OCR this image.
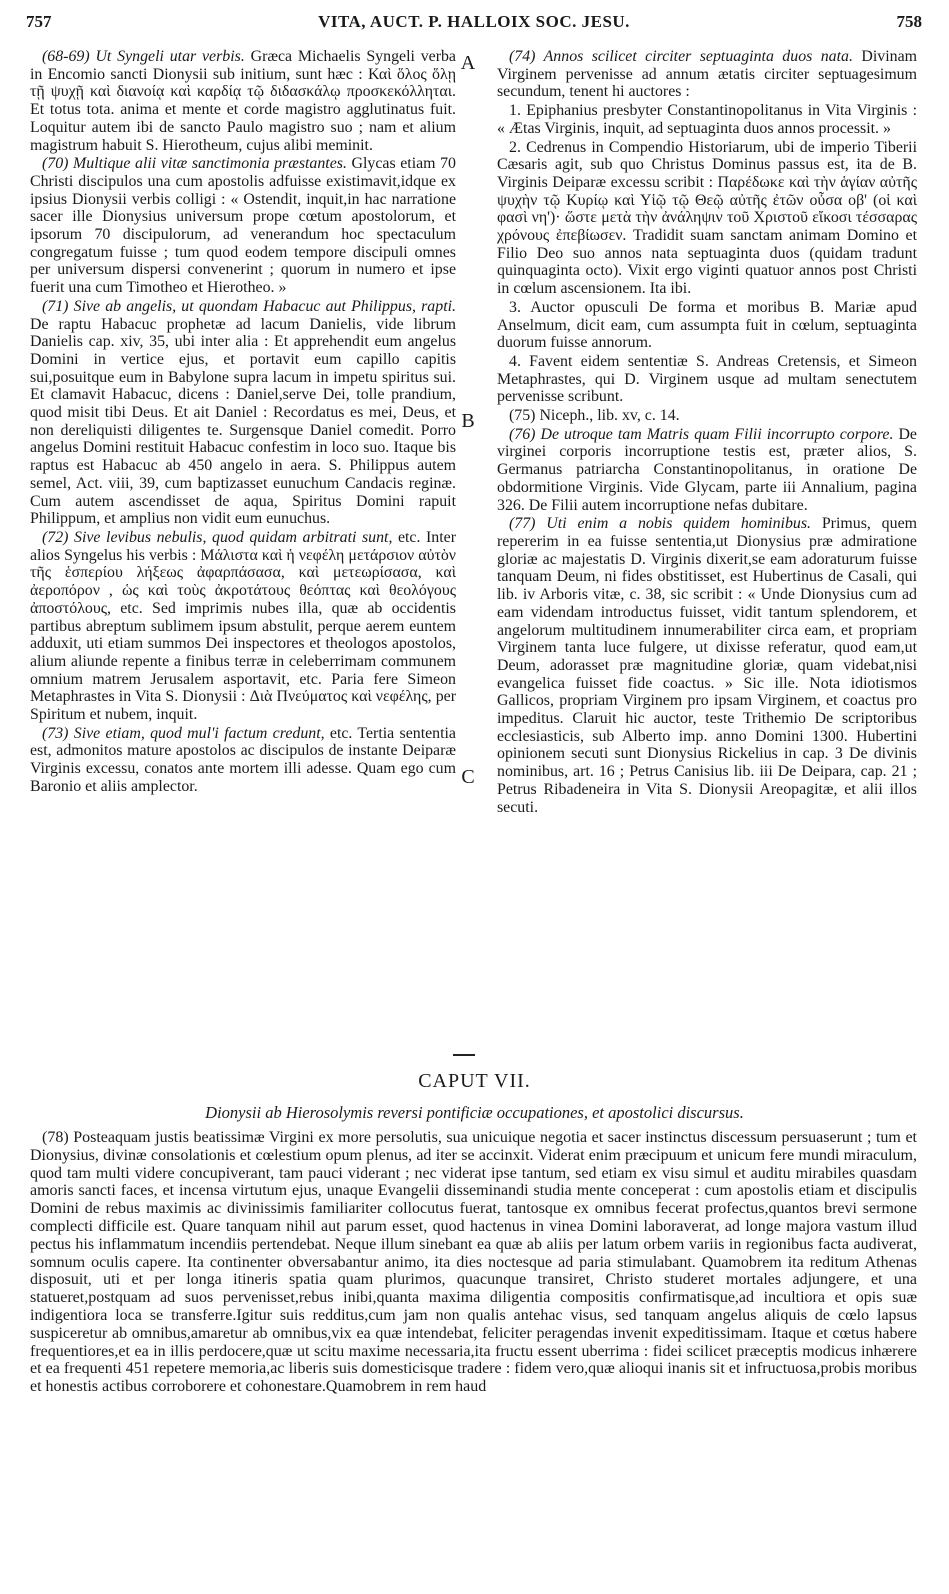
757	VITA, AUCT. P. HALLOIX SOC. JESU.	758
A
B
C

(68-69) Ut Syngeli utar verbis. Græca Michaelis Syngeli verba in Encomio sancti Dionysii sub initium, sunt hæc : Καὶ ὅλος ὅλῃ τῇ ψυχῇ καὶ διανοίᾳ καὶ καρδίᾳ τῷ διδασκάλῳ προσκεκόλληται. Et totus tota. anima et mente et corde magistro agglutinatus fuit. Loquitur autem ibi de sancto Paulo magistro suo ; nam et alium magistrum habuit S. Hierotheum, cujus alibi meminit.

(70) Multique alii vitæ sanctimonia præstantes. Glycas etiam 70 Christi discipulos una cum apostolis adfuisse existimavit,idque ex ipsius Dionysii verbis colligi : « Ostendit, inquit,in hac narratione sacer ille Dionysius universum prope cœtum apostolorum, et ipsorum 70 discipulorum, ad venerandum hoc spectaculum congregatum fuisse ; tum quod eodem tempore discipuli omnes per universum dispersi convenerint ; quorum in numero et ipse fuerit una cum Timotheo et Hierotheo. »

(71) Sive ab angelis, ut quondam Habacuc aut Philippus, rapti. De raptu Habacuc prophetæ ad lacum Danielis, vide librum Danielis cap. xiv, 35, ubi inter alia : Et apprehendit eum angelus Domini in vertice ejus, et portavit eum capillo capitis sui,posuitque eum in Babylone supra lacum in impetu spiritus sui. Et clamavit Habacuc, dicens : Daniel,serve Dei, tolle prandium, quod misit tibi Deus. Et ait Daniel : Recordatus es mei, Deus, et non dereliquisti diligentes te. Surgensque Daniel comedit. Porro angelus Domini restituit Habacuc confestim in loco suo. Itaque bis raptus est Habacuc ab 450 angelo in aera. S. Philippus autem semel, Act. viii, 39, cum baptizasset eunuchum Candacis reginæ. Cum autem ascendisset de aqua, Spiritus Domini rapuit Philippum, et amplius non vidit eum eunuchus.

(72) Sive levibus nebulis, quod quidam arbitrati sunt, etc. Inter alios Syngelus his verbis : Μάλιστα καὶ ἡ νεφέλη μετάρσιον αὐτὸν τῆς ἑσπερίου λήξεως ἀφαρπάσασα, καὶ μετεωρίσασα, καὶ ἀεροπόρον , ὡς καὶ τοὺς ἀκροτάτους θεόπτας καὶ θεολόγους ἀποστόλους, etc. Sed imprimis nubes illa, quæ ab occidentis partibus abreptum sublimem ipsum abstulit, perque aerem euntem adduxit, uti etiam summos Dei inspectores et theologos apostolos, alium aliunde repente a finibus terræ in celeberrimam communem omnium matrem Jerusalem asportavit, etc. Paria fere Simeon Metaphrastes in Vita S. Dionysii : Διὰ Πνεύματος καὶ νεφέλης, per Spiritum et nubem, inquit.

(73) Sive etiam, quod mul'i factum credunt, etc. Tertia sententia est, admonitos mature apostolos ac discipulos de instante Deiparæ Virginis excessu, conatos ante mortem illi adesse. Quam ego cum Baronio et aliis amplector.

(74) Annos scilicet circiter septuaginta duos nata. Divinam Virginem pervenisse ad annum ætatis circiter septuagesimum secundum, tenent hi auctores :

1. Epiphanius presbyter Constantinopolitanus in Vita Virginis : « Ætas Virginis, inquit, ad septuaginta duos annos processit. »

2. Cedrenus in Compendio Historiarum, ubi de imperio Tiberii Cæsaris agit, sub quo Christus Dominus passus est, ita de B. Virginis Deiparæ excessu scribit : Παρέδωκε καὶ τὴν ἁγίαν αὐτῆς ψυχὴν τῷ Κυρίῳ καὶ Υἱῷ τῷ Θεῷ αὐτῆς ἐτῶν οὖσα οβ' (οἱ καὶ φασὶ νη')· ὥστε μετὰ τὴν ἀνάληψιν τοῦ Χριστοῦ εἴκοσι τέσσαρας χρόνους ἐπεβίωσεν. Tradidit suam sanctam animam Domino et Filio Deo suo annos nata septuaginta duos (quidam tradunt quinquaginta octo). Vixit ergo viginti quatuor annos post Christi in cœlum ascensionem. Ita ibi.

3. Auctor opusculi De forma et moribus B. Mariæ apud Anselmum, dicit eam, cum assumpta fuit in cœlum, septuaginta duorum fuisse annorum.

4. Favent eidem sententiæ S. Andreas Cretensis, et Simeon Metaphrastes, qui D. Virginem usque ad multam senectutem pervenisse scribunt.

(75) Niceph., lib. xv, c. 14.

(76) De utroque tam Matris quam Filii incorrupto corpore. De virginei corporis incorruptione testis est, præter alios, S. Germanus patriarcha Constantinopolitanus, in oratione De obdormitione Virginis. Vide Glycam, parte iii Annalium, pagina 326. De Filii autem incorruptione nefas dubitare.

(77) Uti enim a nobis quidem hominibus. Primus, quem repererim in ea fuisse sententia,ut Dionysius præ admiratione gloriæ ac majestatis D. Virginis dixerit,se eam adoraturum fuisse tanquam Deum, ni fides obstitisset, est Hubertinus de Casali, qui lib. iv Arboris vitæ, c. 38, sic scribit : « Unde Dionysius cum ad eam videndam introductus fuisset, vidit tantum splendorem, et angelorum multitudinem innumerabiliter circa eam, et propriam Virginem tanta luce fulgere, ut dixisse referatur, quod eam,ut Deum, adorasset præ magnitudine gloriæ, quam videbat,nisi evangelica fuisset fide coactus. » Sic ille. Nota idiotismos Gallicos, propriam Virginem pro ipsam Virginem, et coactus pro impeditus. Claruit hic auctor, teste Trithemio De scriptoribus ecclesiasticis, sub Alberto imp. anno Domini 1300. Hubertini opinionem secuti sunt Dionysius Rickelius in cap. 3 De divinis nominibus, art. 16 ; Petrus Canisius lib. iii De Deipara, cap. 21 ; Petrus Ribadeneira in Vita S. Dionysii Areopagitæ, et alii illos secuti.

CAPUT VII.
Dionysii ab Hierosolymis reversi pontificiæ occupationes, et apostolici discursus.

(78) Posteaquam justis beatissimæ Virgini ex more persolutis, sua unicuique negotia et sacer instinctus discessum persuaserunt ; tum et Dionysius, divinæ consolationis et cœlestium opum plenus, ad iter se accinxit. Viderat enim præcipuum et unicum fere mundi miraculum, quod tam multi videre concupiverant, tam pauci viderant ; nec viderat ipse tantum, sed etiam ex visu simul et auditu mirabiles quasdam amoris sancti faces, et incensa virtutum ejus, unaque Evangelii disseminandi studia mente conceperat : cum apostolis etiam et discipulis Domini de rebus maximis ac divinissimis familiariter collocutus fuerat, tantosque ex omnibus fecerat profectus,quantos brevi sermone complecti difficile est. Quare tanquam nihil aut parum esset, quod hactenus in vinea Domini laboraverat, ad longe majora vastum illud pectus his inflammatum incendiis pertendebat. Neque illum sinebant ea quæ ab aliis per latum orbem variis in regionibus facta audiverat, somnum oculis capere. Ita continenter obversabantur animo, ita dies noctesque ad paria stimulabant. Quamobrem ita reditum Athenas disposuit, uti et per longa itineris spatia quam plurimos, quacunque transiret, Christo studeret mortales adjungere, et una statueret,postquam ad suos pervenisset,rebus inibi,quanta maxima diligentia compositis confirmatisque,ad incultiora et opis suæ indigentiora loca se transferre.Igitur suis redditus,cum jam non qualis antehac visus, sed tanquam angelus aliquis de cœlo lapsus suspiceretur ab omnibus,amaretur ab omnibus,vix ea quæ intendebat, feliciter peragendas invenit expeditissimam. Itaque et cœtus habere frequentiores,et ea in illis perdocere,quæ ut scitu maxime necessaria,ita fructu essent uberrima : fidei scilicet præceptis modicus inhærere et ea frequenti 451 repetere memoria,ac liberis suis domesticisque tradere : fidem vero,quæ alioqui inanis sit et infructuosa,probis moribus et honestis actibus corroborere et cohonestare.Quamobrem in rem haud
